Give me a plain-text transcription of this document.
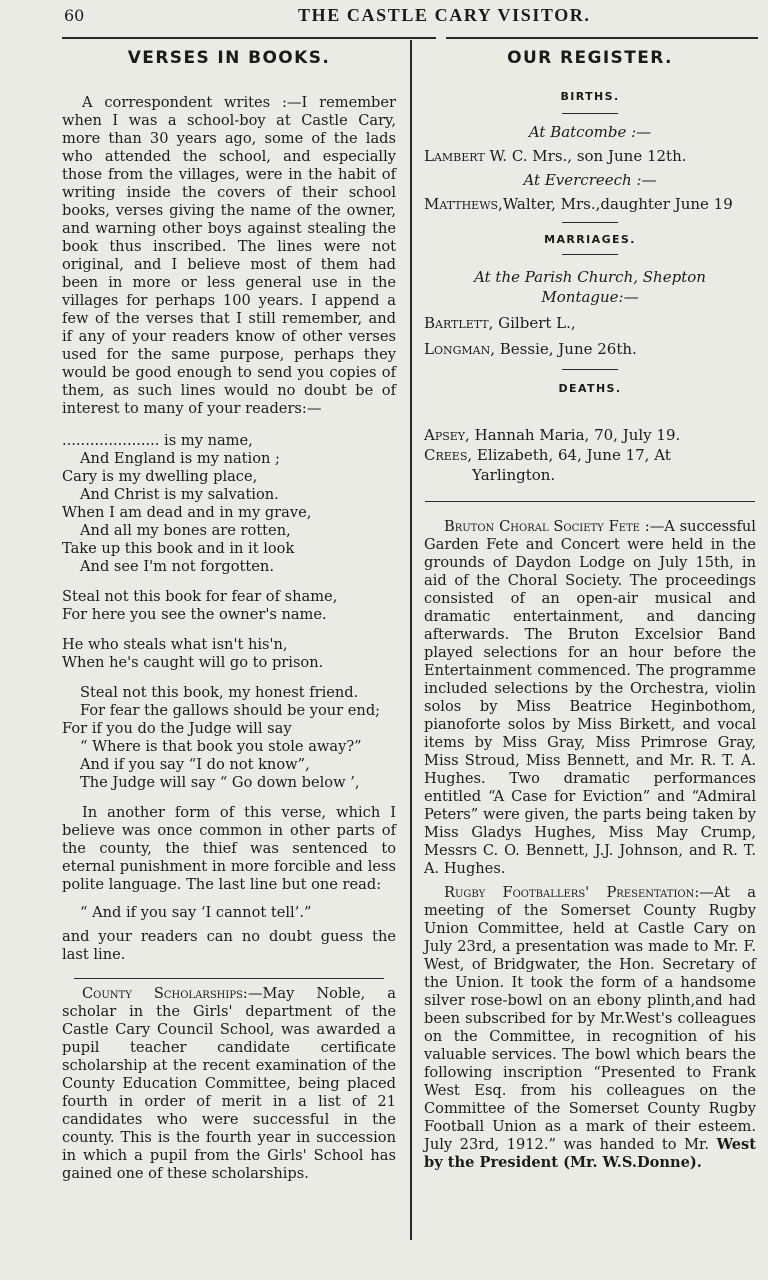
60	THE CASTLE CARY VISITOR.
VERSES IN BOOKS.

A correspondent writes :—I remember when I was a school-boy at Castle Cary, more than 30 years ago, some of the lads who attended the school, and especially those from the villages, were in the habit of writing inside the covers of their school books, verses giving the name of the owner, and warning other boys against stealing the book thus inscribed. The lines were not original, and I believe most of them had been in more or less general use in the villages for perhaps 100 years. I append a few of the verses that I still remember, and if any of your readers know of other verses used for the same purpose, perhaps they would be good enough to send you copies of them, as such lines would no doubt be of interest to many of your readers:—

..................... is my name,
And England is my nation ;
Cary is my dwelling place,
And Christ is my salvation.
When I am dead and in my grave,
And all my bones are rotten,
Take up this book and in it look
And see I'm not forgotten.
Steal not this book for fear of shame,
For here you see the owner's name.
He who steals what isn't his'n,
When he's caught will go to prison.
Steal not this book, my honest friend.
For fear the gallows should be your end;
For if you do the Judge will say
“ Where is that book you stole away?”
And if you say “I do not know”,
The Judge will say “ Go down below ’,

In another form of this verse, which I believe was once common in other parts of the county, the thief was sentenced to eternal punishment in more forcible and less polite language. The last line but one read:

“ And if you say ‘I cannot tell’.”

and your readers can no doubt guess the last line.

County Scholarships:—May Noble, a scholar in the Girls' department of the Castle Cary Council School, was awarded a pupil teacher candidate certificate scholarship at the recent examination of the County Education Committee, being placed fourth in order of merit in a list of 21 candidates who were successful in the county. This is the fourth year in succession in which a pupil from the Girls' School has gained one of these scholarships.

OUR REGISTER.
BIRTHS.

At Batcombe :—

Lambert W. C. Mrs., son June 12th.

At Evercreech :—

Matthews,Walter, Mrs.,daughter June 19

MARRIAGES.

At the Parish Church, Shepton Montague:—

Bartlett, Gilbert L.,

Longman, Bessie, June 26th.

DEATHS.

Apsey, Hannah Maria, 70, July 19.

Crees, Elizabeth, 64, June 17, At

Yarlington.

Bruton Choral Society Fete :—A successful Garden Fete and Concert were held in the grounds of Daydon Lodge on July 15th, in aid of the Choral Society. The proceedings consisted of an open-air musical and dramatic entertainment, and dancing afterwards. The Bruton Excelsior Band played selections for an hour before the Entertainment commenced. The programme included selections by the Orchestra, violin solos by Miss Beatrice Heginbothom, pianoforte solos by Miss Birkett, and vocal items by Miss Gray, Miss Primrose Gray, Miss Stroud, Miss Bennett, and Mr. R. T. A. Hughes. Two dramatic performances entitled “A Case for Eviction” and “Admiral Peters” were given, the parts being taken by Miss Gladys Hughes, Miss May Crump, Messrs C. O. Bennett, J.J. Johnson, and R. T. A. Hughes.

Rugby Footballers' Presentation:—At a meeting of the Somerset County Rugby Union Committee, held at Castle Cary on July 23rd, a presentation was made to Mr. F. West, of Bridgwater, the Hon. Secretary of the Union. It took the form of a handsome silver rose-bowl on an ebony plinth,and had been subscribed for by Mr.West's colleagues on the Committee, in recognition of his valuable services. The bowl which bears the following inscription “Presented to Frank West Esq. from his colleagues on the Committee of the Somerset County Rugby Football Union as a mark of their esteem. July 23rd, 1912.” was handed to Mr. West by the President (Mr. W.S.Donne).
